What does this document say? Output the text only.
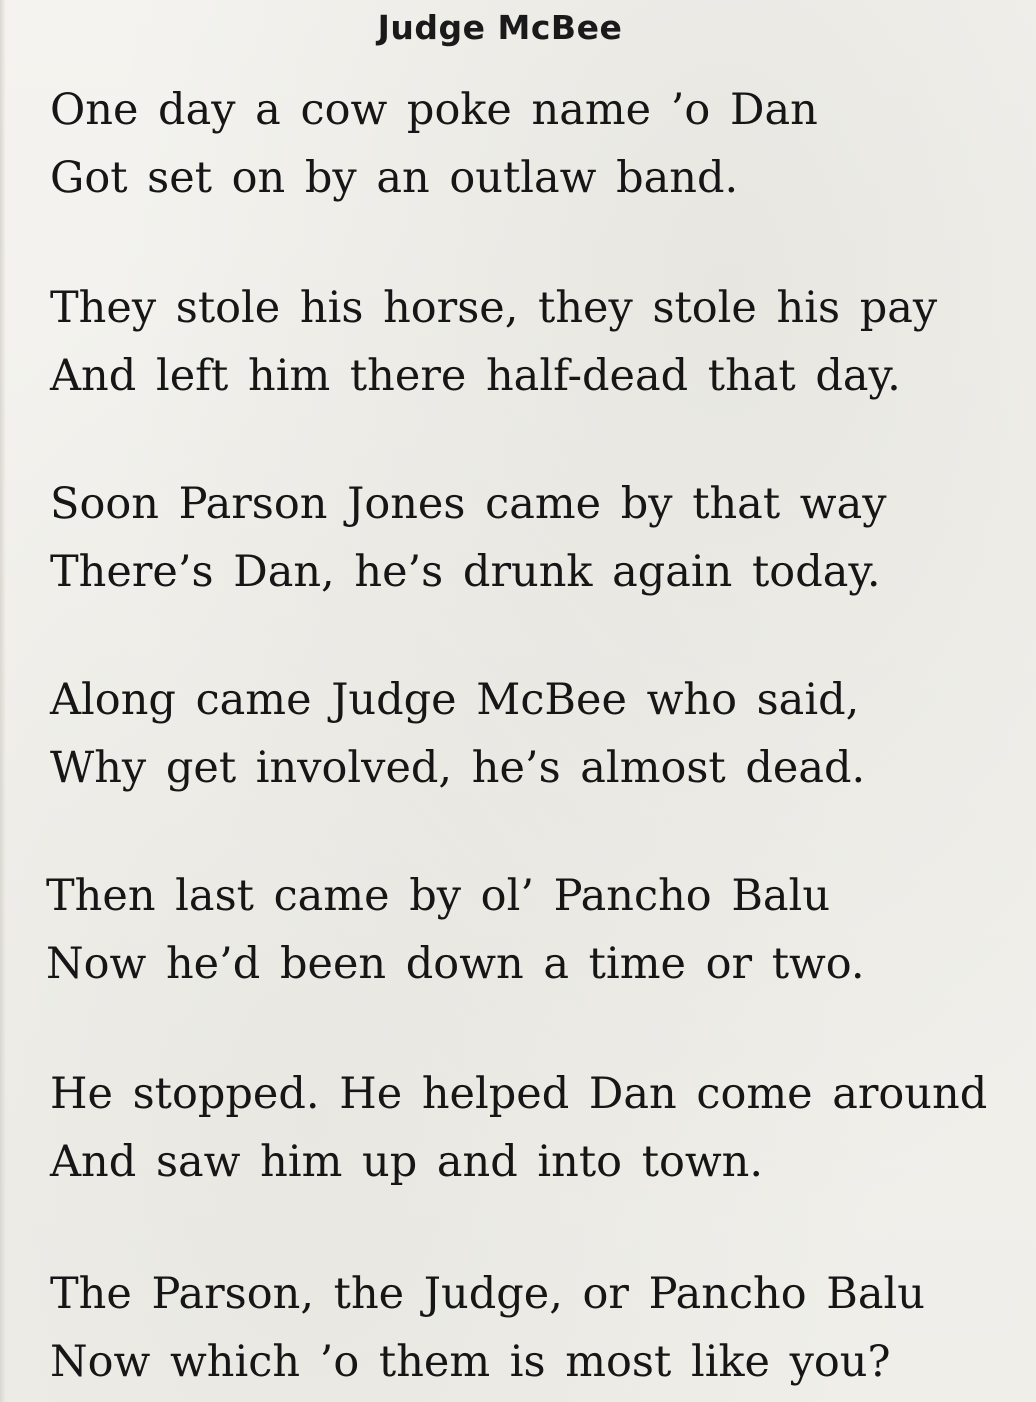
Judge McBee
One day a cow poke name ’o Dan
Got set on by an outlaw band.
They stole his horse, they stole his pay
And left him there half-dead that day.
Soon Parson Jones came by that way
There’s Dan, he’s drunk again today.
Along came Judge McBee who said,
Why get involved, he’s almost dead.
Then last came by ol’ Pancho Balu
Now he’d been down a time or two.
He stopped. He helped Dan come around
And saw him up and into town.
The Parson, the Judge, or Pancho Balu
Now which ’o them is most like you?
